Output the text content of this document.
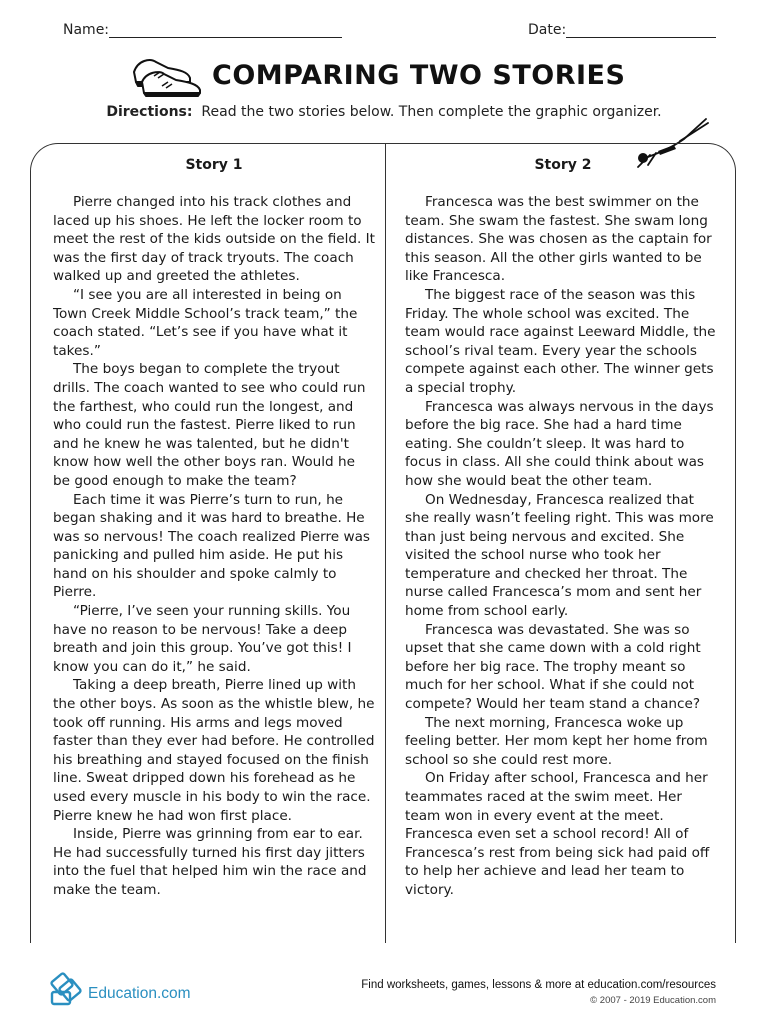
Name:	Date:
COMPARING TWO STORIES
Directions: Read the two stories below. Then complete the graphic organizer.
Story 1

Pierre changed into his track clothes and laced up his shoes. He left the locker room to meet the rest of the kids outside on the field. It was the first day of track tryouts. The coach walked up and greeted the athletes.

“I see you are all interested in being on Town Creek Middle School’s track team,” the coach stated. “Let’s see if you have what it takes.”

The boys began to complete the tryout drills. The coach wanted to see who could run the farthest, who could run the longest, and who could run the fastest. Pierre liked to run and he knew he was talented, but he didn't know how well the other boys ran. Would he be good enough to make the team?

Each time it was Pierre’s turn to run, he began shaking and it was hard to breathe. He was so nervous! The coach realized Pierre was panicking and pulled him aside. He put his hand on his shoulder and spoke calmly to Pierre.

“Pierre, I’ve seen your running skills. You have no reason to be nervous! Take a deep breath and join this group. You’ve got this! I know you can do it,” he said.

Taking a deep breath, Pierre lined up with the other boys. As soon as the whistle blew, he took off running. His arms and legs moved faster than they ever had before. He controlled his breathing and stayed focused on the finish line. Sweat dripped down his forehead as he used every muscle in his body to win the race. Pierre knew he had won first place.

Inside, Pierre was grinning from ear to ear. He had successfully turned his first day jitters into the fuel that helped him win the race and make the team.

Story 2

Francesca was the best swimmer on the team. She swam the fastest. She swam long distances. She was chosen as the captain for this season. All the other girls wanted to be like Francesca.

The biggest race of the season was this Friday. The whole school was excited. The team would race against Leeward Middle, the school’s rival team. Every year the schools compete against each other. The winner gets a special trophy.

Francesca was always nervous in the days before the big race. She had a hard time eating. She couldn’t sleep. It was hard to focus in class. All she could think about was how she would beat the other team.

On Wednesday, Francesca realized that she really wasn’t feeling right. This was more than just being nervous and excited. She visited the school nurse who took her temperature and checked her throat. The nurse called Francesca’s mom and sent her home from school early.

Francesca was devastated. She was so upset that she came down with a cold right before her big race. The trophy meant so much for her school. What if she could not compete? Would her team stand a chance?

The next morning, Francesca woke up feeling better. Her mom kept her home from school so she could rest more.

On Friday after school, Francesca and her teammates raced at the swim meet. Her team won in every event at the meet. Francesca even set a school record! All of Francesca’s rest from being sick had paid off to help her achieve and lead her team to victory.

Education.com	Find worksheets, games, lessons & more at education.com/resources
© 2007 - 2019 Education.com
